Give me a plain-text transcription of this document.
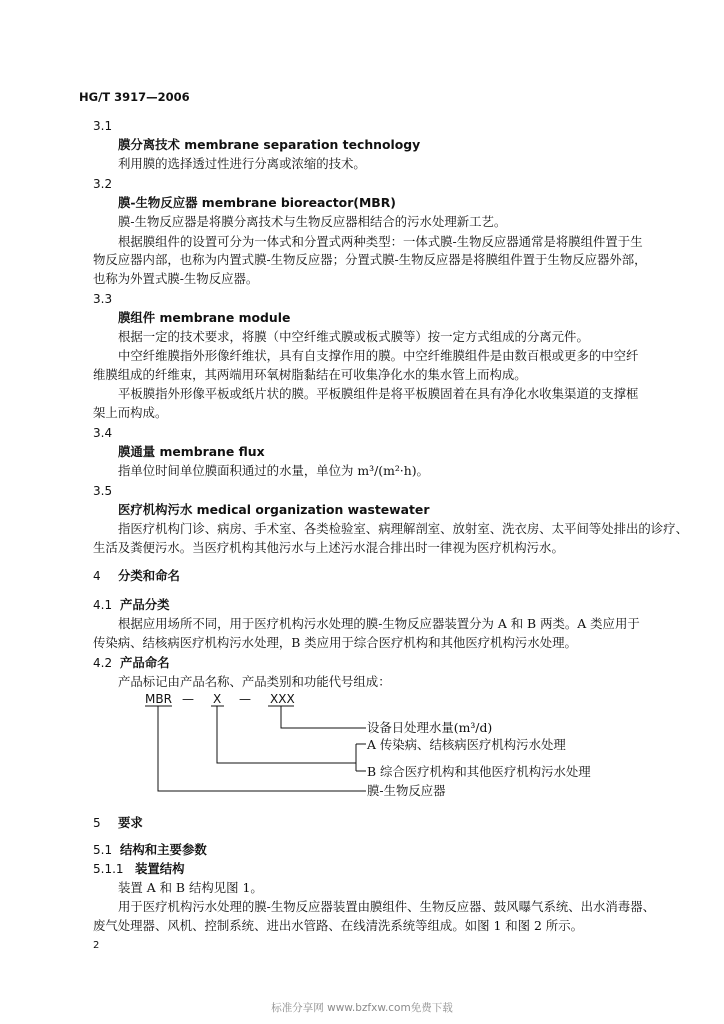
HG/T 3917—2006
3.1
膜分离技术 membrane separation technology
利用膜的选择透过性进行分离或浓缩的技术。
3.2
膜-生物反应器 membrane bioreactor(MBR)
膜-生物反应器是将膜分离技术与生物反应器相结合的污水处理新工艺。
根据膜组件的设置可分为一体式和分置式两种类型：一体式膜-生物反应器通常是将膜组件置于生
物反应器内部，也称为内置式膜-生物反应器；分置式膜-生物反应器是将膜组件置于生物反应器外部，
也称为外置式膜-生物反应器。
3.3
膜组件 membrane module
根据一定的技术要求，将膜（中空纤维式膜或板式膜等）按一定方式组成的分离元件。
中空纤维膜指外形像纤维状，具有自支撑作用的膜。中空纤维膜组件是由数百根或更多的中空纤
维膜组成的纤维束，其两端用环氧树脂黏结在可收集净化水的集水管上而构成。
平板膜指外形像平板或纸片状的膜。平板膜组件是将平板膜固着在具有净化水收集渠道的支撑框
架上而构成。
3.4
膜通量 membrane flux
指单位时间单位膜面积通过的水量，单位为 m³/(m²·h)。
3.5
医疗机构污水 medical organization wastewater
指医疗机构门诊、病房、手术室、各类检验室、病理解剖室、放射室、洗衣房、太平间等处排出的诊疗、
生活及粪便污水。当医疗机构其他污水与上述污水混合排出时一律视为医疗机构污水。
4 分类和命名
4.1 产品分类
根据应用场所不同，用于医疗机构污水处理的膜-生物反应器装置分为 A 和 B 两类。A 类应用于
传染病、结核病医疗机构污水处理，B 类应用于综合医疗机构和其他医疗机构污水处理。
4.2 产品命名
产品标记由产品名称、产品类别和功能代号组成：
MBR — X — XXX
设备日处理水量(m³/d)
A 传染病、结核病医疗机构污水处理
B 综合医疗机构和其他医疗机构污水处理
膜-生物反应器
5 要求
5.1 结构和主要参数
5.1.1 装置结构
装置 A 和 B 结构见图 1。
用于医疗机构污水处理的膜-生物反应器装置由膜组件、生物反应器、鼓风曝气系统、出水消毒器、
废气处理器、风机、控制系统、进出水管路、在线清洗系统等组成。如图 1 和图 2 所示。
2
标准分享网 www.bzfxw.com免费下载
